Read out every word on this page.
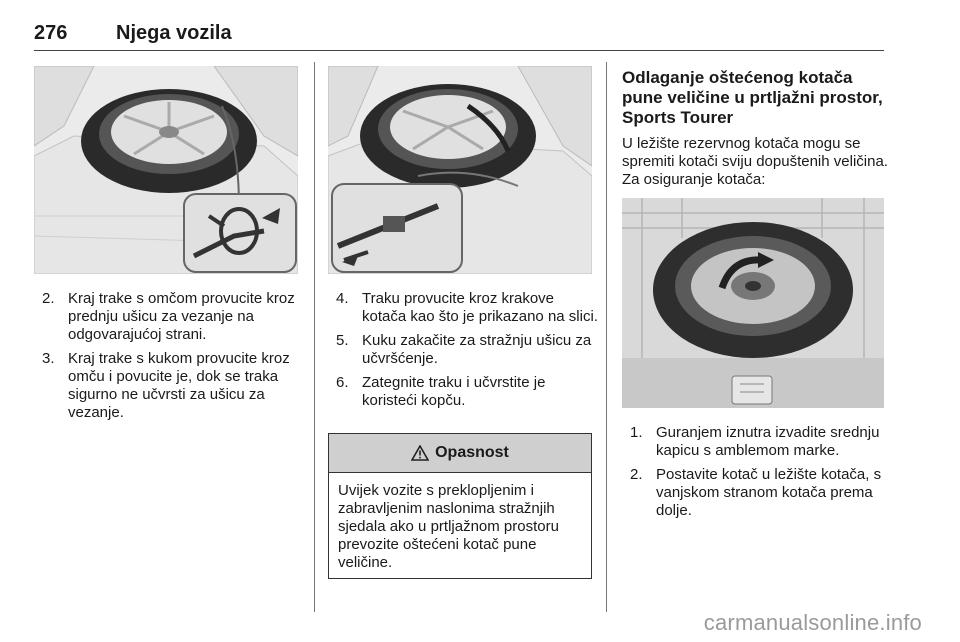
276 Njega vozila
2. Kraj trake s omčom provucite kroz prednju ušicu za vezanje na odgovarajućoj strani.
3. Kraj trake s kukom provucite kroz omču i povucite je, dok se traka sigurno ne učvrsti za ušicu za vezanje.
4. Traku provucite kroz krakove kotača kao što je prikazano na slici.
5. Kuku zakačite za stražnju ušicu za učvršćenje.
6. Zategnite traku i učvrstite je koristeći kopču.
Opasnost
Uvijek vozite s preklopljenim i zabravljenim naslonima stražnjih sjedala ako u prtljažnom prostoru prevozite oštećeni kotač pune veličine.
Odlaganje oštećenog kotača pune veličine u prtljažni prostor, Sports Tourer

U ležište rezervnog kotača mogu se spremiti kotači sviju dopuštenih veličina. Za osiguranje kotača:

1. Guranjem iznutra izvadite srednju kapicu s amblemom marke.
2. Postavite kotač u ležište kotača, s vanjskom stranom kotača prema dolje.
carmanualsonline.info
